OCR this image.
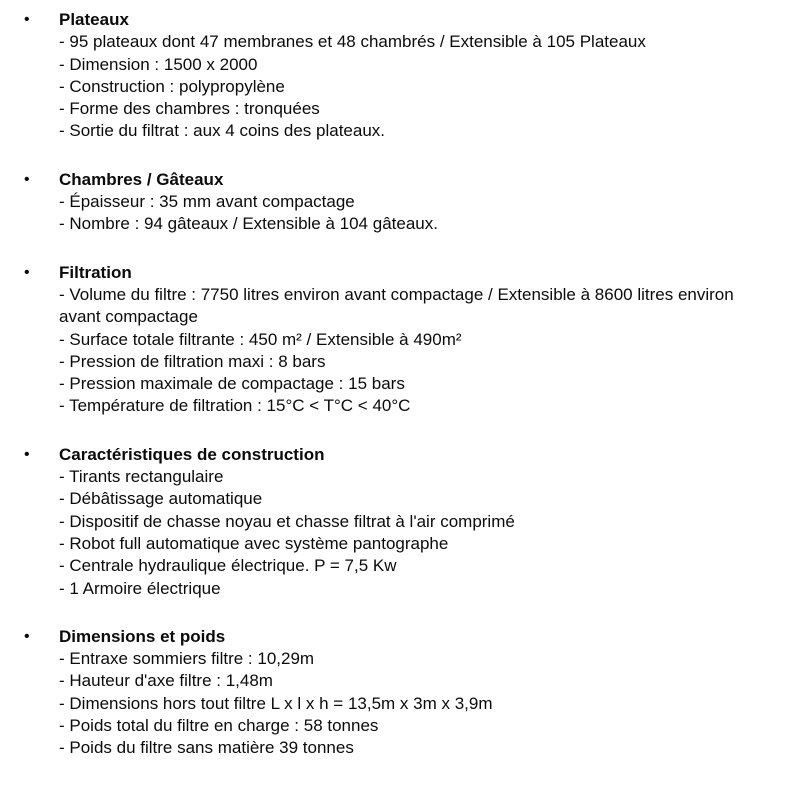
• Plateaux
- 95 plateaux dont 47 membranes et 48 chambrés / Extensible à 105 Plateaux
- Dimension : 1500 x 2000
- Construction : polypropylène
- Forme des chambres : tronquées
- Sortie du filtrat : aux 4 coins des plateaux.
• Chambres / Gâteaux
- Épaisseur : 35 mm avant compactage
- Nombre : 94 gâteaux / Extensible à 104 gâteaux.
• Filtration
- Volume du filtre : 7750 litres environ avant compactage / Extensible à 8600 litres environ avant compactage
- Surface totale filtrante : 450 m² / Extensible à 490m²
- Pression de filtration maxi : 8 bars
- Pression maximale de compactage : 15 bars
- Température de filtration : 15°C < T°C < 40°C
• Caractéristiques de construction
- Tirants rectangulaire
- Débâtissage automatique
- Dispositif de chasse noyau et chasse filtrat à l'air comprimé
- Robot full automatique avec système pantographe
- Centrale hydraulique électrique. P = 7,5 Kw
- 1 Armoire électrique
• Dimensions et poids
- Entraxe sommiers filtre : 10,29m
- Hauteur d'axe filtre : 1,48m
- Dimensions hors tout filtre L x l x h = 13,5m x 3m x 3,9m
- Poids total du filtre en charge : 58 tonnes
- Poids du filtre sans matière 39 tonnes
